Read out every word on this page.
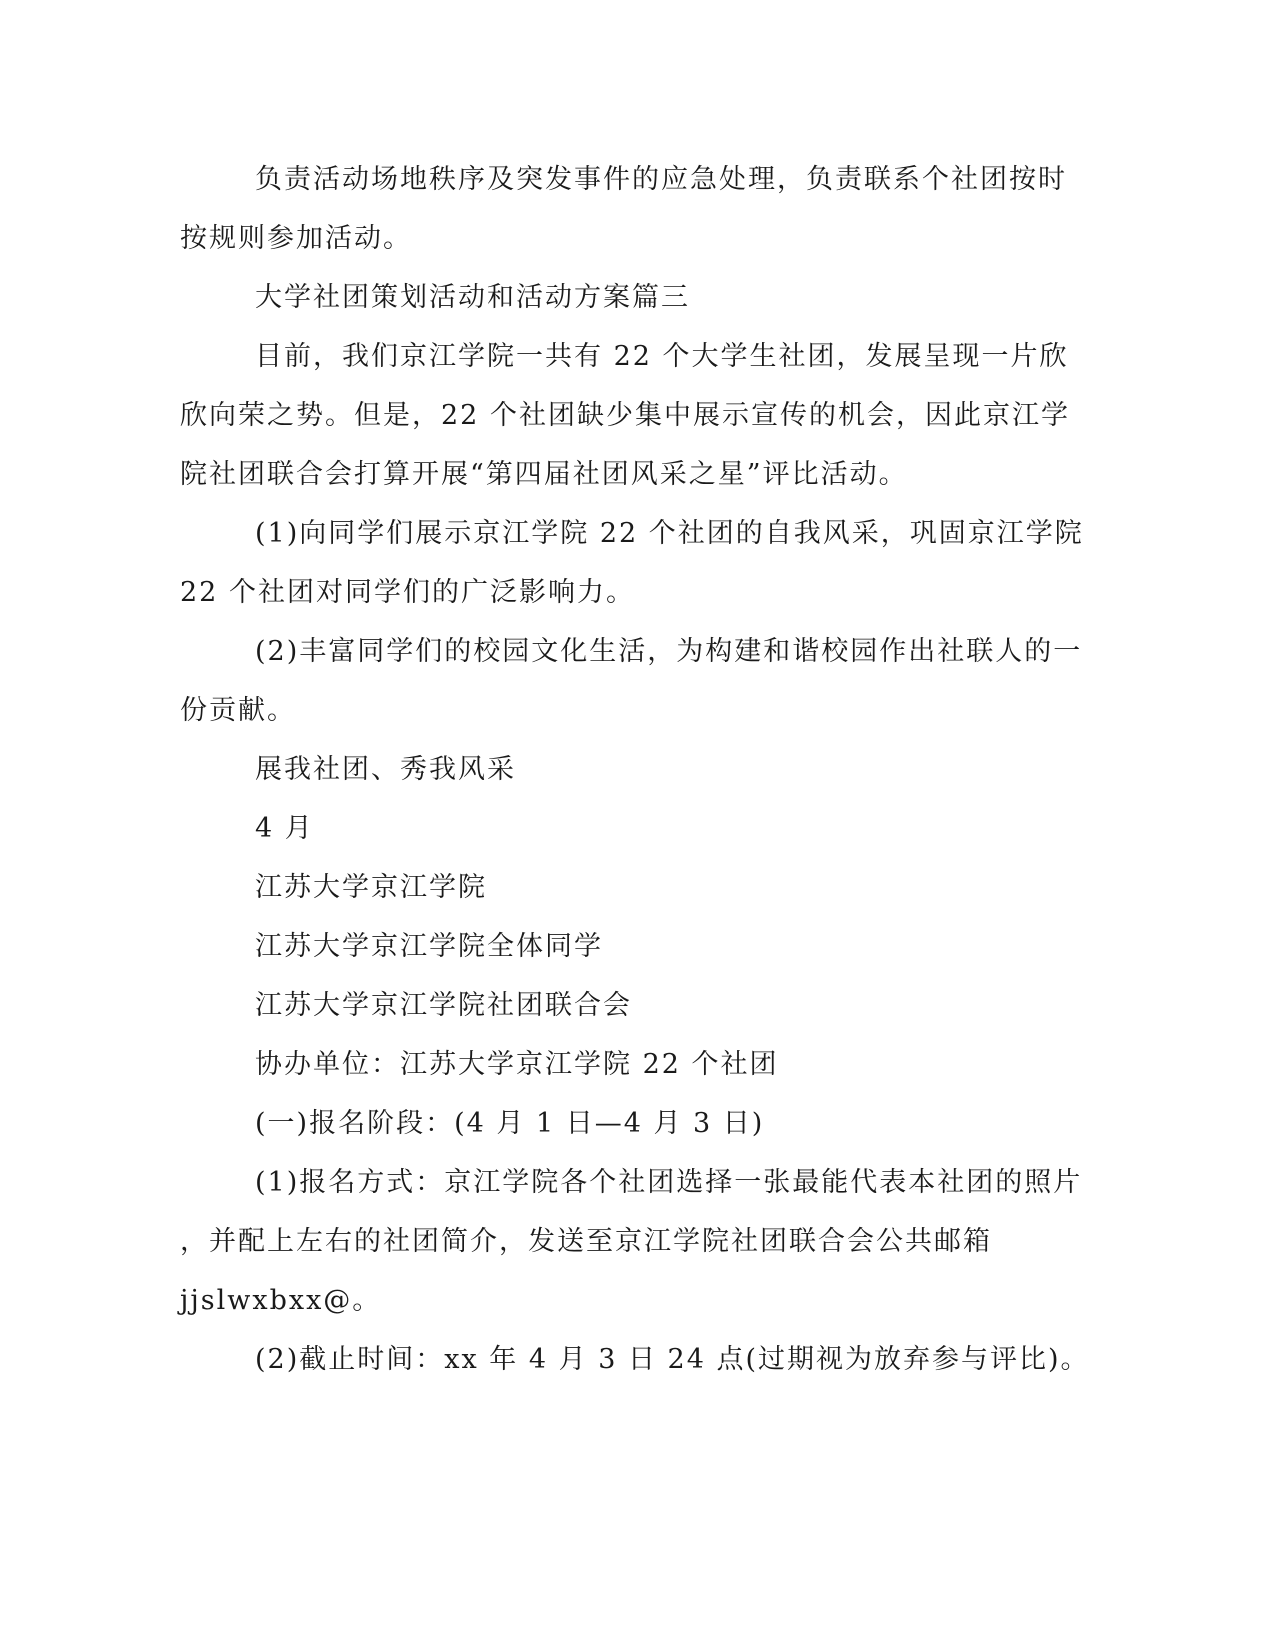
负责活动场地秩序及突发事件的应急处理，负责联系个社团按时
按规则参加活动。
大学社团策划活动和活动方案篇三
目前，我们京江学院一共有 22 个大学生社团，发展呈现一片欣
欣向荣之势。但是，22 个社团缺少集中展示宣传的机会，因此京江学
院社团联合会打算开展“第四届社团风采之星”评比活动。
(1)向同学们展示京江学院 22 个社团的自我风采，巩固京江学院
22 个社团对同学们的广泛影响力。
(2)丰富同学们的校园文化生活，为构建和谐校园作出社联人的一
份贡献。
展我社团、秀我风采
4 月
江苏大学京江学院
江苏大学京江学院全体同学
江苏大学京江学院社团联合会
协办单位：江苏大学京江学院 22 个社团
(一)报名阶段：(4 月 1 日—4 月 3 日)
(1)报名方式：京江学院各个社团选择一张最能代表本社团的照片
，并配上左右的社团简介，发送至京江学院社团联合会公共邮箱
jjslwxbxx@。
(2)截止时间：xx 年 4 月 3 日 24 点(过期视为放弃参与评比)。
